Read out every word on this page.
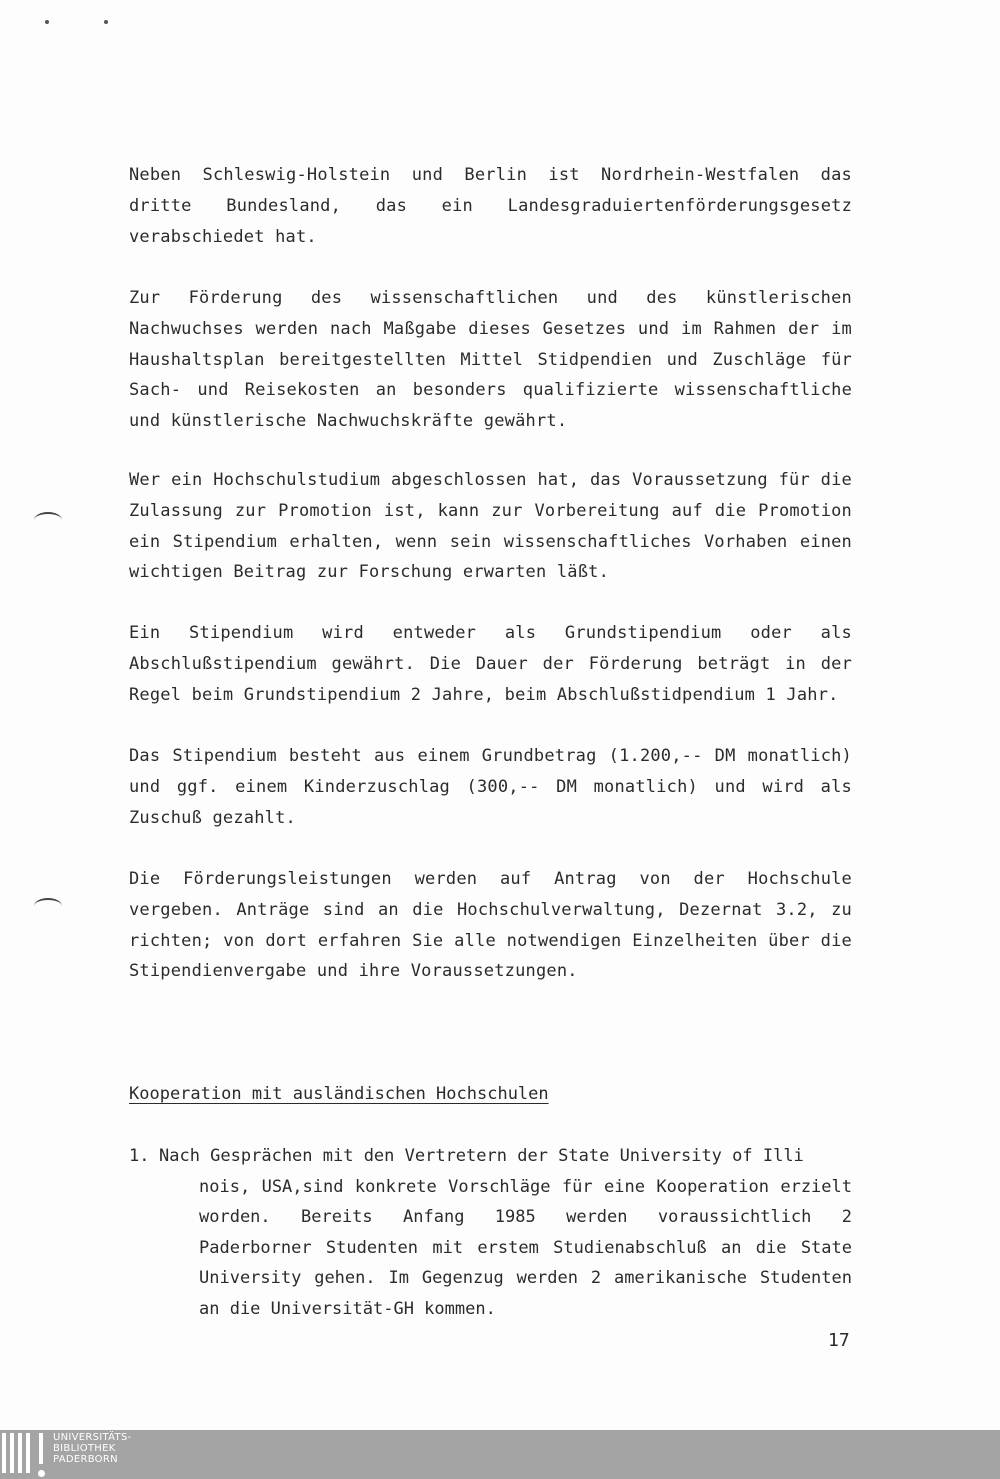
Neben Schleswig-Holstein und Berlin ist Nordrhein-Westfalen das dritte Bundesland, das ein Landesgraduiertenförderungsgesetz verabschiedet hat.

Zur Förderung des wissenschaftlichen und des künstlerischen Nachwuchses werden nach Maßgabe dieses Gesetzes und im Rahmen der im Haushaltsplan bereitgestellten Mittel Stidpendien und Zuschläge für Sach- und Reisekosten an besonders qualifizierte wissenschaftliche und künstlerische Nachwuchskräfte gewährt.

Wer ein Hochschulstudium abgeschlossen hat, das Voraussetzung für die Zulassung zur Promotion ist, kann zur Vorbereitung auf die Promotion ein Stipendium erhalten, wenn sein wissenschaftliches Vorhaben einen wichtigen Beitrag zur Forschung erwarten läßt.

Ein Stipendium wird entweder als Grundstipendium oder als Abschlußstipendium gewährt. Die Dauer der Förderung beträgt in der Regel beim Grundstipendium 2 Jahre, beim Abschlußstidpendium 1 Jahr.

Das Stipendium besteht aus einem Grundbetrag (1.200,-- DM monatlich) und ggf. einem Kinderzuschlag (300,-- DM monatlich) und wird als Zuschuß gezahlt.

Die Förderungsleistungen werden auf Antrag von der Hochschule vergeben. Anträge sind an die Hochschulverwaltung, Dezernat 3.2, zu richten; von dort erfahren Sie alle notwendigen Einzelheiten über die Stipendienvergabe und ihre Voraussetzungen.

Kooperation mit ausländischen Hochschulen
1. Nach Gesprächen mit den Vertretern der State University of Illi
nois, USA,sind konkrete Vorschläge für eine Kooperation erzielt worden. Bereits Anfang 1985 werden voraussichtlich 2 Paderborner Studenten mit erstem Studienabschluß an die State University gehen. Im Gegenzug werden 2 amerikanische Studenten an die Universität-GH kommen.
17
UNIVERSITÄTS-
BIBLIOTHEK
PADERBORN
